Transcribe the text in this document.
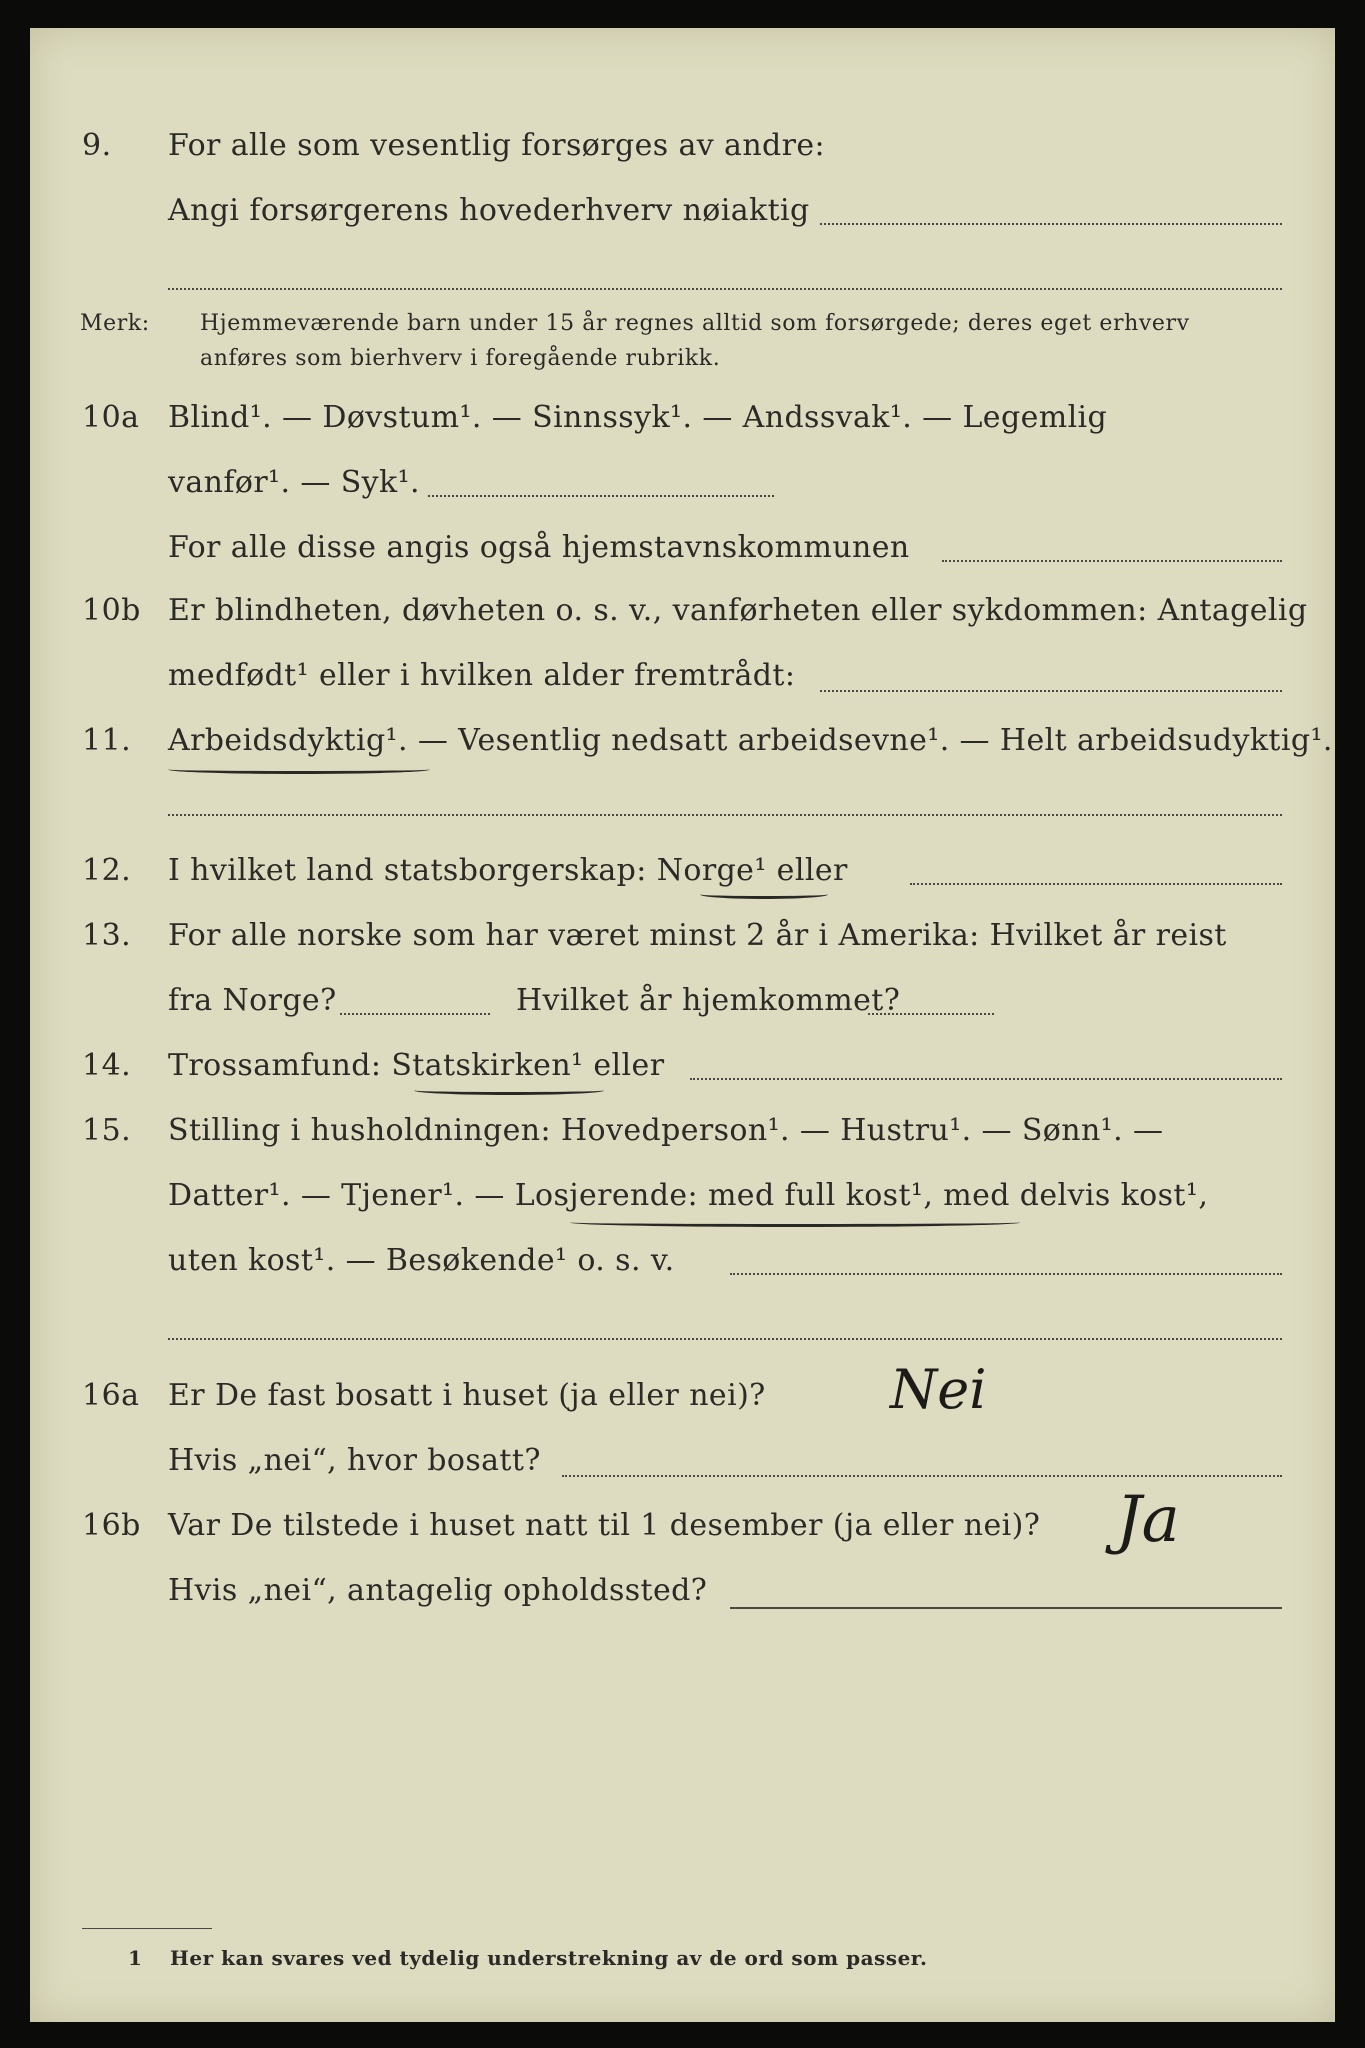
9. For alle som vesentlig forsørges av andre:
Angi forsørgerens hovederhverv nøiaktig
Merk: Hjemmeværende barn under 15 år regnes alltid som forsørgede; deres eget erhverv
anføres som bierhverv i foregående rubrikk.
10a Blind¹. — Døvstum¹. — Sinnssyk¹. — Andssvak¹. — Legemlig
vanfør¹. — Syk¹.
For alle disse angis også hjemstavnskommunen
10b Er blindheten, døvheten o. s. v., vanførheten eller sykdommen: Antagelig
medfødt¹ eller i hvilken alder fremtrådt:
11. Arbeidsdyktig¹. — Vesentlig nedsatt arbeidsevne¹. — Helt arbeidsudyktig¹.
12. I hvilket land statsborgerskap: Norge¹ eller
13. For alle norske som har været minst 2 år i Amerika: Hvilket år reist
fra Norge?	Hvilket år hjemkommet?
14. Trossamfund: Statskirken¹ eller
15. Stilling i husholdningen: Hovedperson¹. — Hustru¹. — Sønn¹. —
Datter¹. — Tjener¹. — Losjerende: med full kost¹, med delvis kost¹,
uten kost¹. — Besøkende¹ o. s. v.
16a Er De fast bosatt i huset (ja eller nei)? Nei
Hvis „nei“, hvor bosatt?
16b Var De tilstede i huset natt til 1 desember (ja eller nei)? Ja
Hvis „nei“, antagelig opholdssted?
1 Her kan svares ved tydelig understrekning av de ord som passer.
